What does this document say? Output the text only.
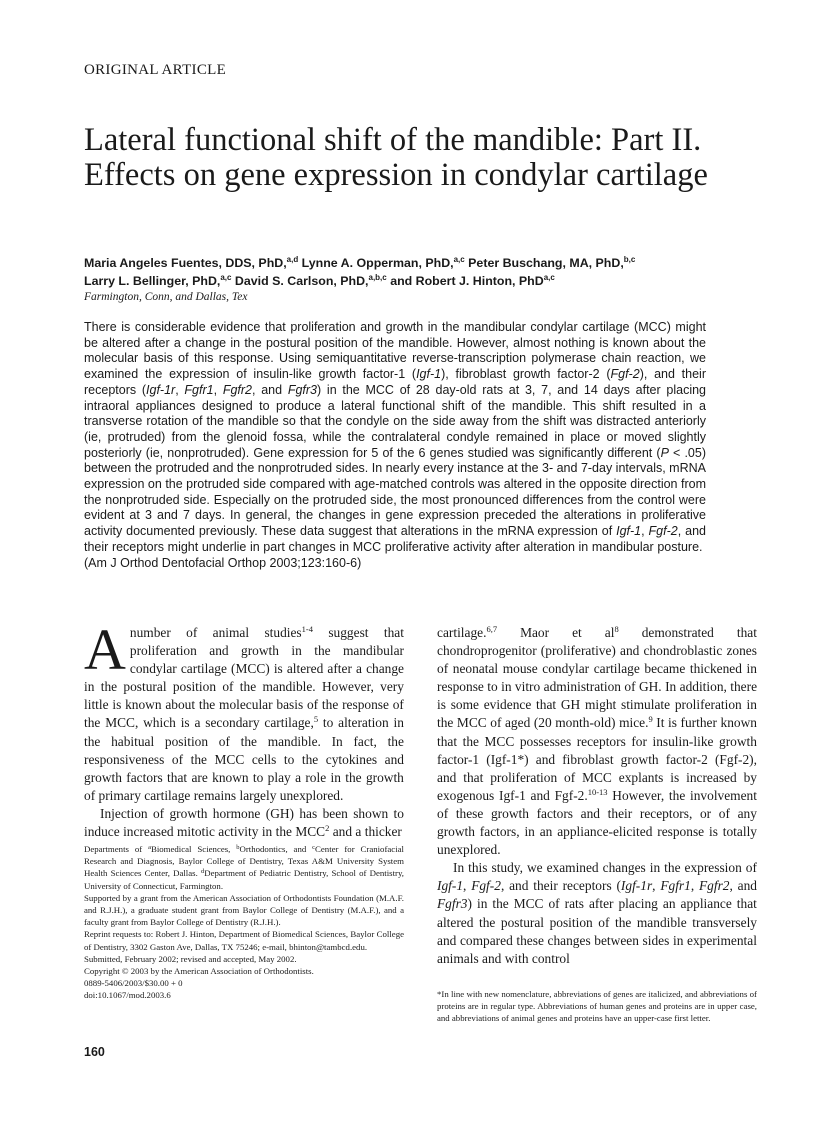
ORIGINAL ARTICLE
Lateral functional shift of the mandible: Part II. Effects on gene expression in condylar cartilage
Maria Angeles Fuentes, DDS, PhD,$^{a,d}$ Lynne A. Opperman, PhD,$^{a,c}$ Peter Buschang, MA, PhD,$^{b,c}$
Larry L. Bellinger, PhD,$^{a,c}$ David S. Carlson, PhD,$^{a,b,c}$ and Robert J. Hinton, PhD$^{a,c}$
Farmington, Conn, and Dallas, Tex

There is considerable evidence that proliferation and growth in the mandibular condylar cartilage (MCC) might be altered after a change in the postural position of the mandible. However, almost nothing is known about the molecular basis of this response. Using semiquantitative reverse-transcription polymerase chain reaction, we examined the expression of insulin-like growth factor-1 (Igf-1), fibroblast growth factor-2 (Fgf-2), and their receptors (Igf-1r, Fgfr1, Fgfr2, and Fgfr3) in the MCC of 28 day-old rats at 3, 7, and 14 days after placing intraoral appliances designed to produce a lateral functional shift of the mandible. This shift resulted in a transverse rotation of the mandible so that the condyle on the side away from the shift was distracted anteriorly (ie, protruded) from the glenoid fossa, while the contralateral condyle remained in place or moved slightly posteriorly (ie, nonprotruded). Gene expression for 5 of the 6 genes studied was significantly different (P < .05) between the protruded and the nonprotruded sides. In nearly every instance at the 3- and 7-day intervals, mRNA expression on the protruded side compared with age-matched controls was altered in the opposite direction from the nonprotruded side. Especially on the protruded side, the most pronounced differences from the control were evident at 3 and 7 days. In general, the changes in gene expression preceded the alterations in proliferative activity documented previously. These data suggest that alterations in the mRNA expression of Igf-1, Fgf-2, and their receptors might underlie in part changes in MCC proliferative activity after alteration in mandibular posture.  (Am J Orthod Dentofacial Orthop 2003;123:160-6)

Anumber of animal studies$^{1-4}$ suggest that proliferation and growth in the mandibular condylar cartilage (MCC) is altered after a change in the postural position of the mandible. However, very little is known about the molecular basis of the response of the MCC, which is a secondary cartilage,$^5$ to alteration in the habitual position of the mandible. In fact, the responsiveness of the MCC cells to the cytokines and growth factors that are known to play a role in the growth of primary cartilage remains largely unexplored.

Injection of growth hormone (GH) has been shown to induce increased mitotic activity in the MCC$^2$ and a thicker

cartilage.$^{6,7}$ Maor et $al^8$ demonstrated that chondroprogenitor (proliferative) and chondroblastic zones of neonatal mouse condylar cartilage became thickened in response to in vitro administration of GH. In addition, there is some evidence that GH might stimulate proliferation in the MCC of aged (20 month-old) mice.$^9$ It is further known that the MCC possesses receptors for insulin-like growth factor-1 (Igf-1*) and fibroblast growth factor-2 (Fgf-2), and that proliferation of MCC explants is increased by exogenous Igf-1 and Fgf-2.$^{10-13}$ However, the involvement of these growth factors and their receptors, or of any growth factors, in an appliance-elicited response is totally unexplored.

In this study, we examined changes in the expression of Igf-1, Fgf-2, and their receptors (Igf-1r, Fgfr1, Fgfr2, and Fgfr3) in the MCC of rats after placing an appliance that altered the postural position of the mandible transversely and compared these changes between sides in experimental animals and with control

Departments of $^a$Biomedical Sciences, $^b$Orthodontics, and $^c$Center for Craniofacial Research and Diagnosis, Baylor College of Dentistry, Texas A&M University System Health Sciences Center, Dallas. $^d$Department of Pediatric Dentistry, School of Dentistry, University of Connecticut, Farmington.
Supported by a grant from the American Association of Orthodontists Foundation (M.A.F. and R.J.H.), a graduate student grant from Baylor College of Dentistry (M.A.F.), and a faculty grant from Baylor College of Dentistry (R.J.H.).
Reprint requests to: Robert J. Hinton, Department of Biomedical Sciences, Baylor College of Dentistry, 3302 Gaston Ave, Dallas, TX 75246; e-mail, bhinton@tambcd.edu.
Submitted, February 2002; revised and accepted, May 2002.
Copyright © 2003 by the American Association of Orthodontists.
0889-5406/2003/$30.00 + 0
doi:10.1067/mod.2003.6	*In line with new nomenclature, abbreviations of genes are italicized, and abbreviations of proteins are in regular type. Abbreviations of human genes and proteins are in upper case, and abbreviations of animal genes and proteins have an upper-case first letter.
160
